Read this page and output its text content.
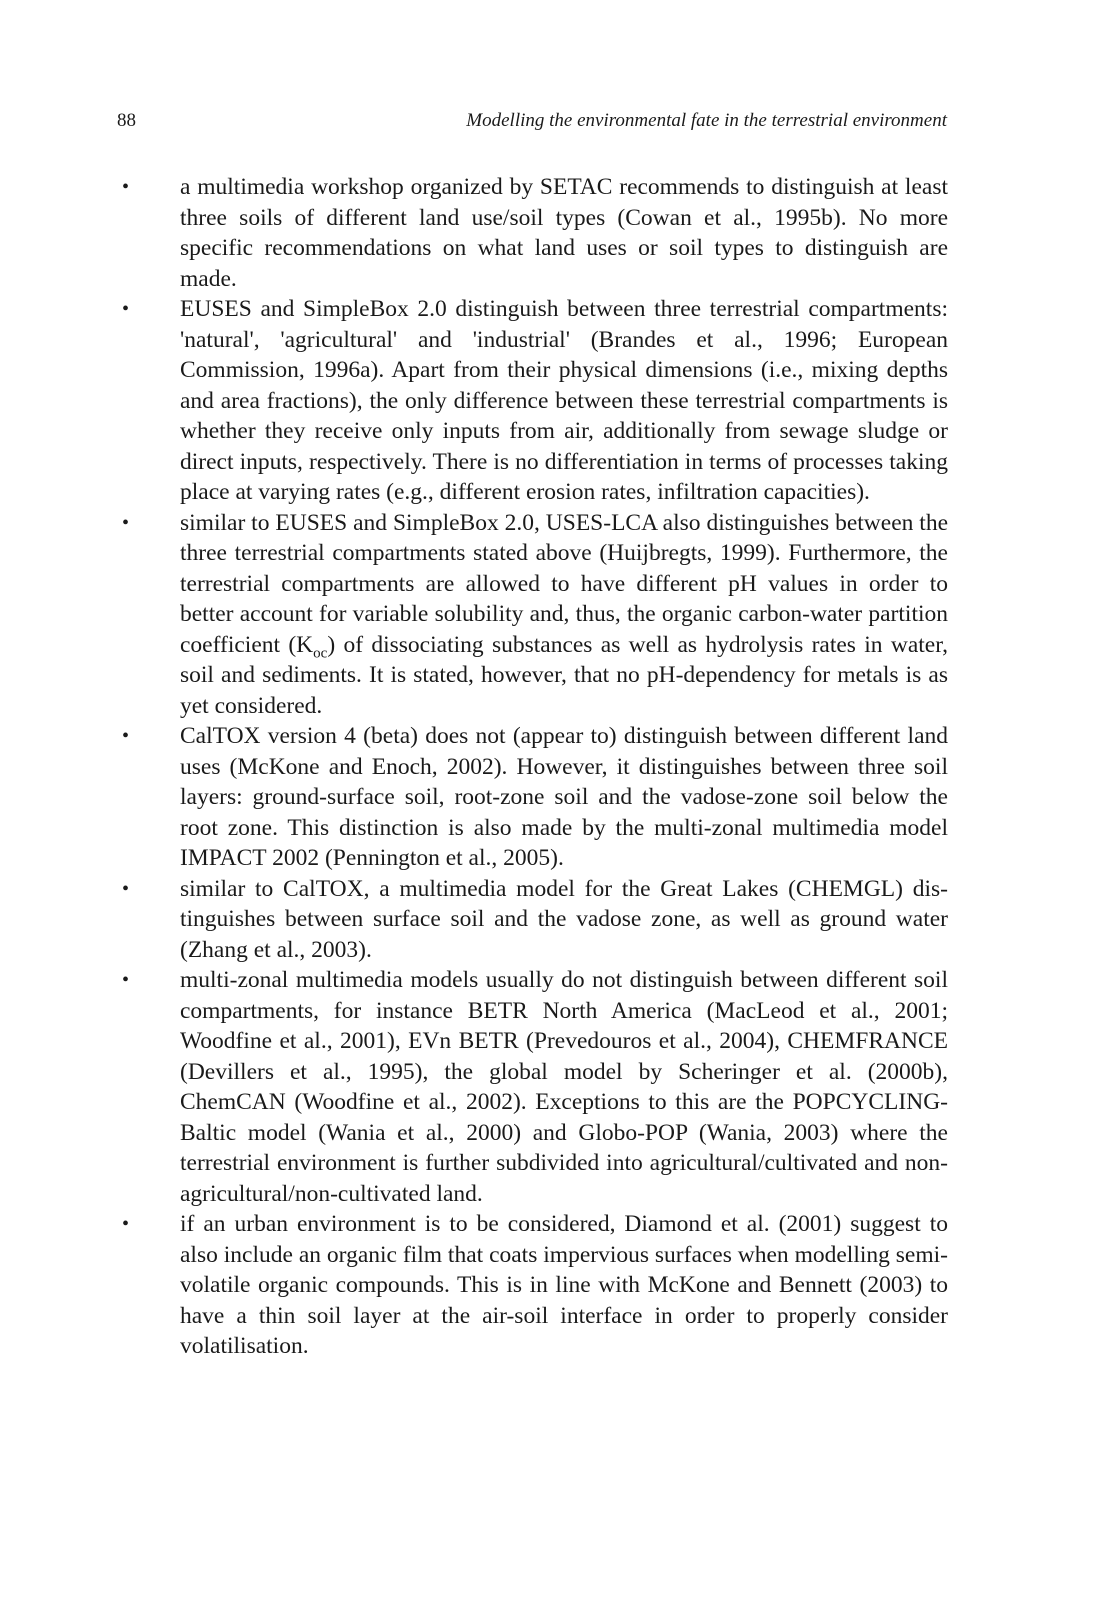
88	Modelling the environmental fate in the terrestrial environment
•	a multimedia workshop organized by SETAC recommends to distinguish at least three soils of different land use/soil types (Cowan et al., 1995b). No more specific recommendations on what land uses or soil types to distinguish are made.
•	EUSES and SimpleBox 2.0 distinguish between three terrestrial compartments: 'natural', 'agricultural' and 'industrial' (Brandes et al., 1996; European Commission, 1996a). Apart from their physical dimensions (i.e., mixing depths and area fractions), the only difference between these terrestrial compartments is whether they receive only inputs from air, additionally from sewage sludge or direct inputs, respectively. There is no differentiation in terms of processes taking place at varying rates (e.g., different erosion rates, infiltration capacities).
•	similar to EUSES and SimpleBox 2.0, USES-LCA also distinguishes between the three terrestrial compartments stated above (Huijbregts, 1999). Furthermore, the terrestrial compartments are allowed to have different pH values in order to better account for variable solubility and, thus, the organic carbon-water partition coefficient $(K_{oc})$ of dissociating substances as well as hydrolysis rates in water, soil and sediments. It is stated, however, that no pH-dependency for metals is as yet considered.
•	CalTOX version 4 (beta) does not (appear to) distinguish between different land uses (McKone and Enoch, 2002). However, it distinguishes between three soil layers: ground-surface soil, root-zone soil and the vadose-zone soil below the root zone. This distinction is also made by the multi-zonal multimedia model IMPACT 2002 (Pennington et al., 2005).
•	similar to CalTOX, a multimedia model for the Great Lakes (CHEMGL) distinguishes between surface soil and the vadose zone, as well as ground water (Zhang et al., 2003).
•	multi-zonal multimedia models usually do not distinguish between different soil compartments, for instance BETR North America (MacLeod et al., 2001; Woodfine et al., 2001), EVn BETR (Prevedouros et al., 2004), CHEMFRANCE (Devillers et al., 1995), the global model by Scheringer et al. (2000b), ChemCAN (Woodfine et al., 2002). Exceptions to this are the POPCYCLING-Baltic model (Wania et al., 2000) and Globo-POP (Wania, 2003) where the terrestrial environment is further subdivided into agricultural/cultivated and non-agricultural/non-cultivated land.
•	if an urban environment is to be considered, Diamond et al. (2001) suggest to also include an organic film that coats impervious surfaces when modelling semi-volatile organic compounds. This is in line with McKone and Bennett (2003) to have a thin soil layer at the air-soil interface in order to properly consider volatilisation.
